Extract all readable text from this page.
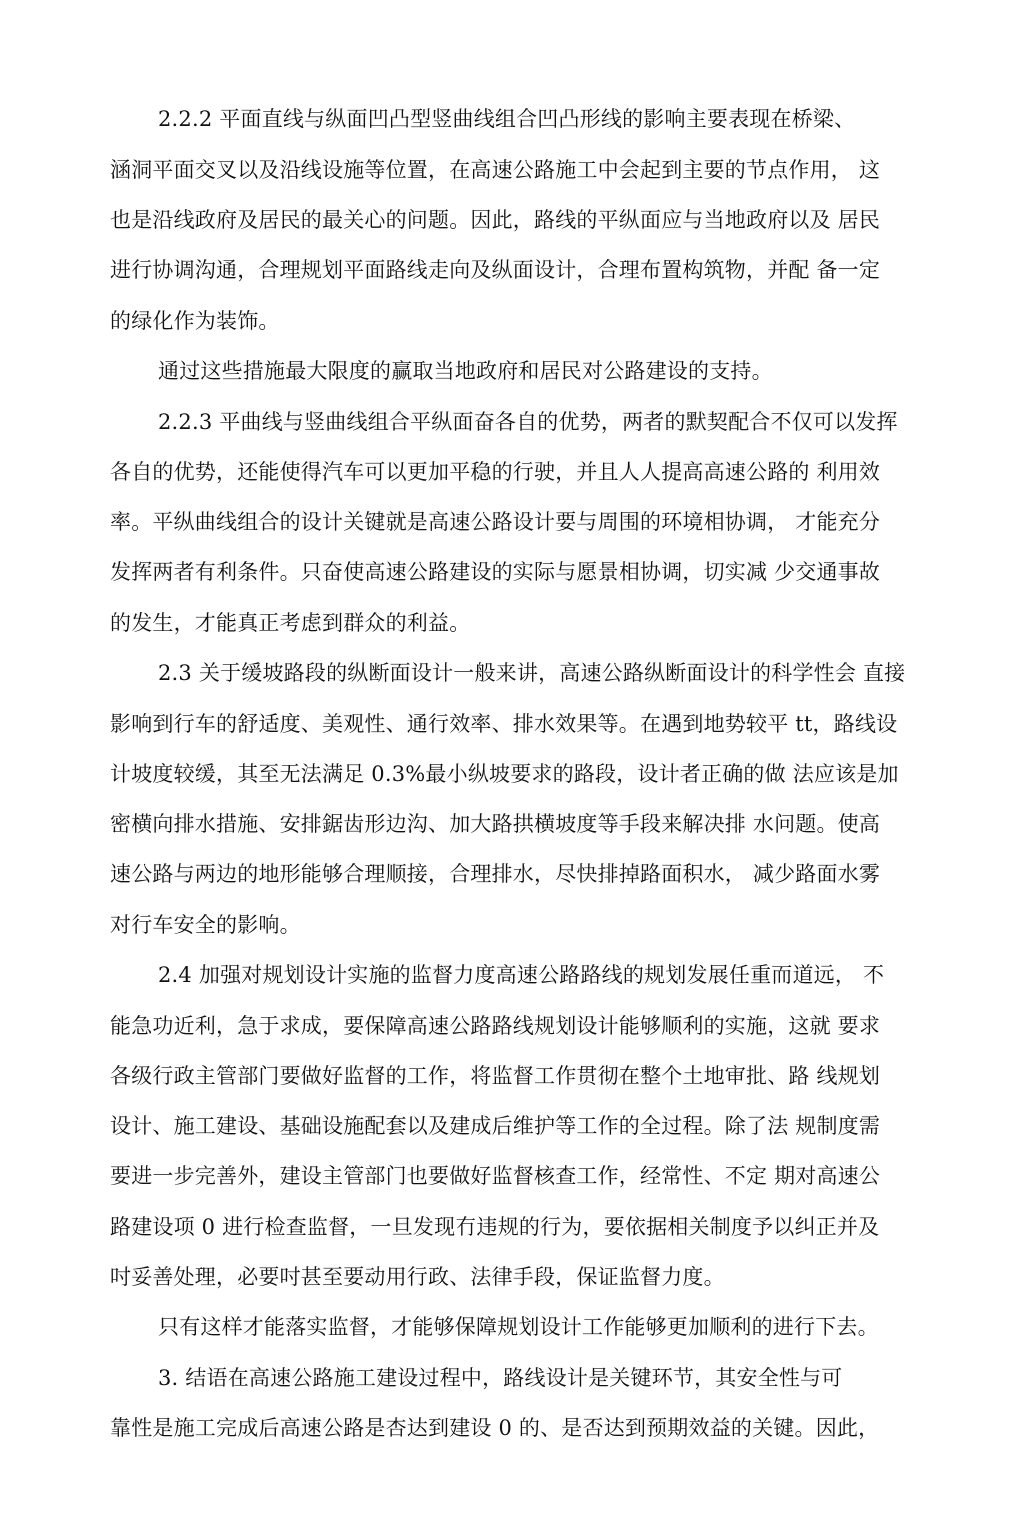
2.2.2 平面直线与纵面凹凸型竖曲线组合凹凸形线的影响主要表现在桥梁、
涵洞平面交叉以及沿线设施等位置，在高速公路施工中会起到主要的节点作用， 这
也是沿线政府及居民的最关心的问题。因此，路线的平纵面应与当地政府以及 居民
进行协调沟通，合理规划平面路线走向及纵面设计，合理布置构筑物，并配 备一定
的绿化作为装饰。
通过这些措施最大限度的赢取当地政府和居民对公路建设的支持。
2.2.3 平曲线与竖曲线组合平纵面奋各自的优势，两者的默契配合不仅可以发挥
各自的优势，还能使得汽车可以更加平稳的行驶，并且人人提高高速公路的 利用效
率。平纵曲线组合的设计关键就是高速公路设计要与周围的环境相协调， 才能充分
发挥两者有利条件。只奋使高速公路建设的实际与愿景相协调，切实减 少交通事故
的发生，才能真正考虑到群众的利益。
2.3 关于缓坡路段的纵断面设计一般来讲，高速公路纵断面设计的科学性会 直接
影响到行车的舒适度、美观性、通行效率、排水效果等。在遇到地势较平 tt，路线设
计坡度较缓，其至无法满足 0.3%最小纵坡要求的路段，设计者正确的做 法应该是加
密横向排水措施、安排鋸齿形边沟、加大路拱横坡度等手段来解决排 水问题。使高
速公路与两边的地形能够合理顺接，合理排水，尽快排掉路面积水， 减少路面水雾
对行车安全的影响。
2.4 加强对规划设计实施的监督力度高速公路路线的规划发展任重而道远， 不
能急功近利，急于求成，要保障高速公路路线规划设计能够顺利的实施，这就 要求
各级行政主管部门要做好监督的工作，将监督工作贯彻在整个土地审批、路 线规划
设计、施工建设、基础设施配套以及建成后维护等工作的全过程。除了法 规制度需
要进一步完善外，建设主管部门也要做好监督核查工作，经常性、不定 期对高速公
路建设项 0 进行检查监督，一旦发现冇违规的行为，要依据相关制度予以纠正并及
吋妥善处理，必要吋甚至要动用行政、法律手段，保证监督力度。
只有这样才能落实监督，才能够保障规划设计工作能够更加顺利的进行下去。
3. 结语在高速公路施工建设过程中，路线设计是关键环节，其安全性与可
靠性是施工完成后高速公路是杏达到建设 0 的、是否达到预期效益的关键。因此，
